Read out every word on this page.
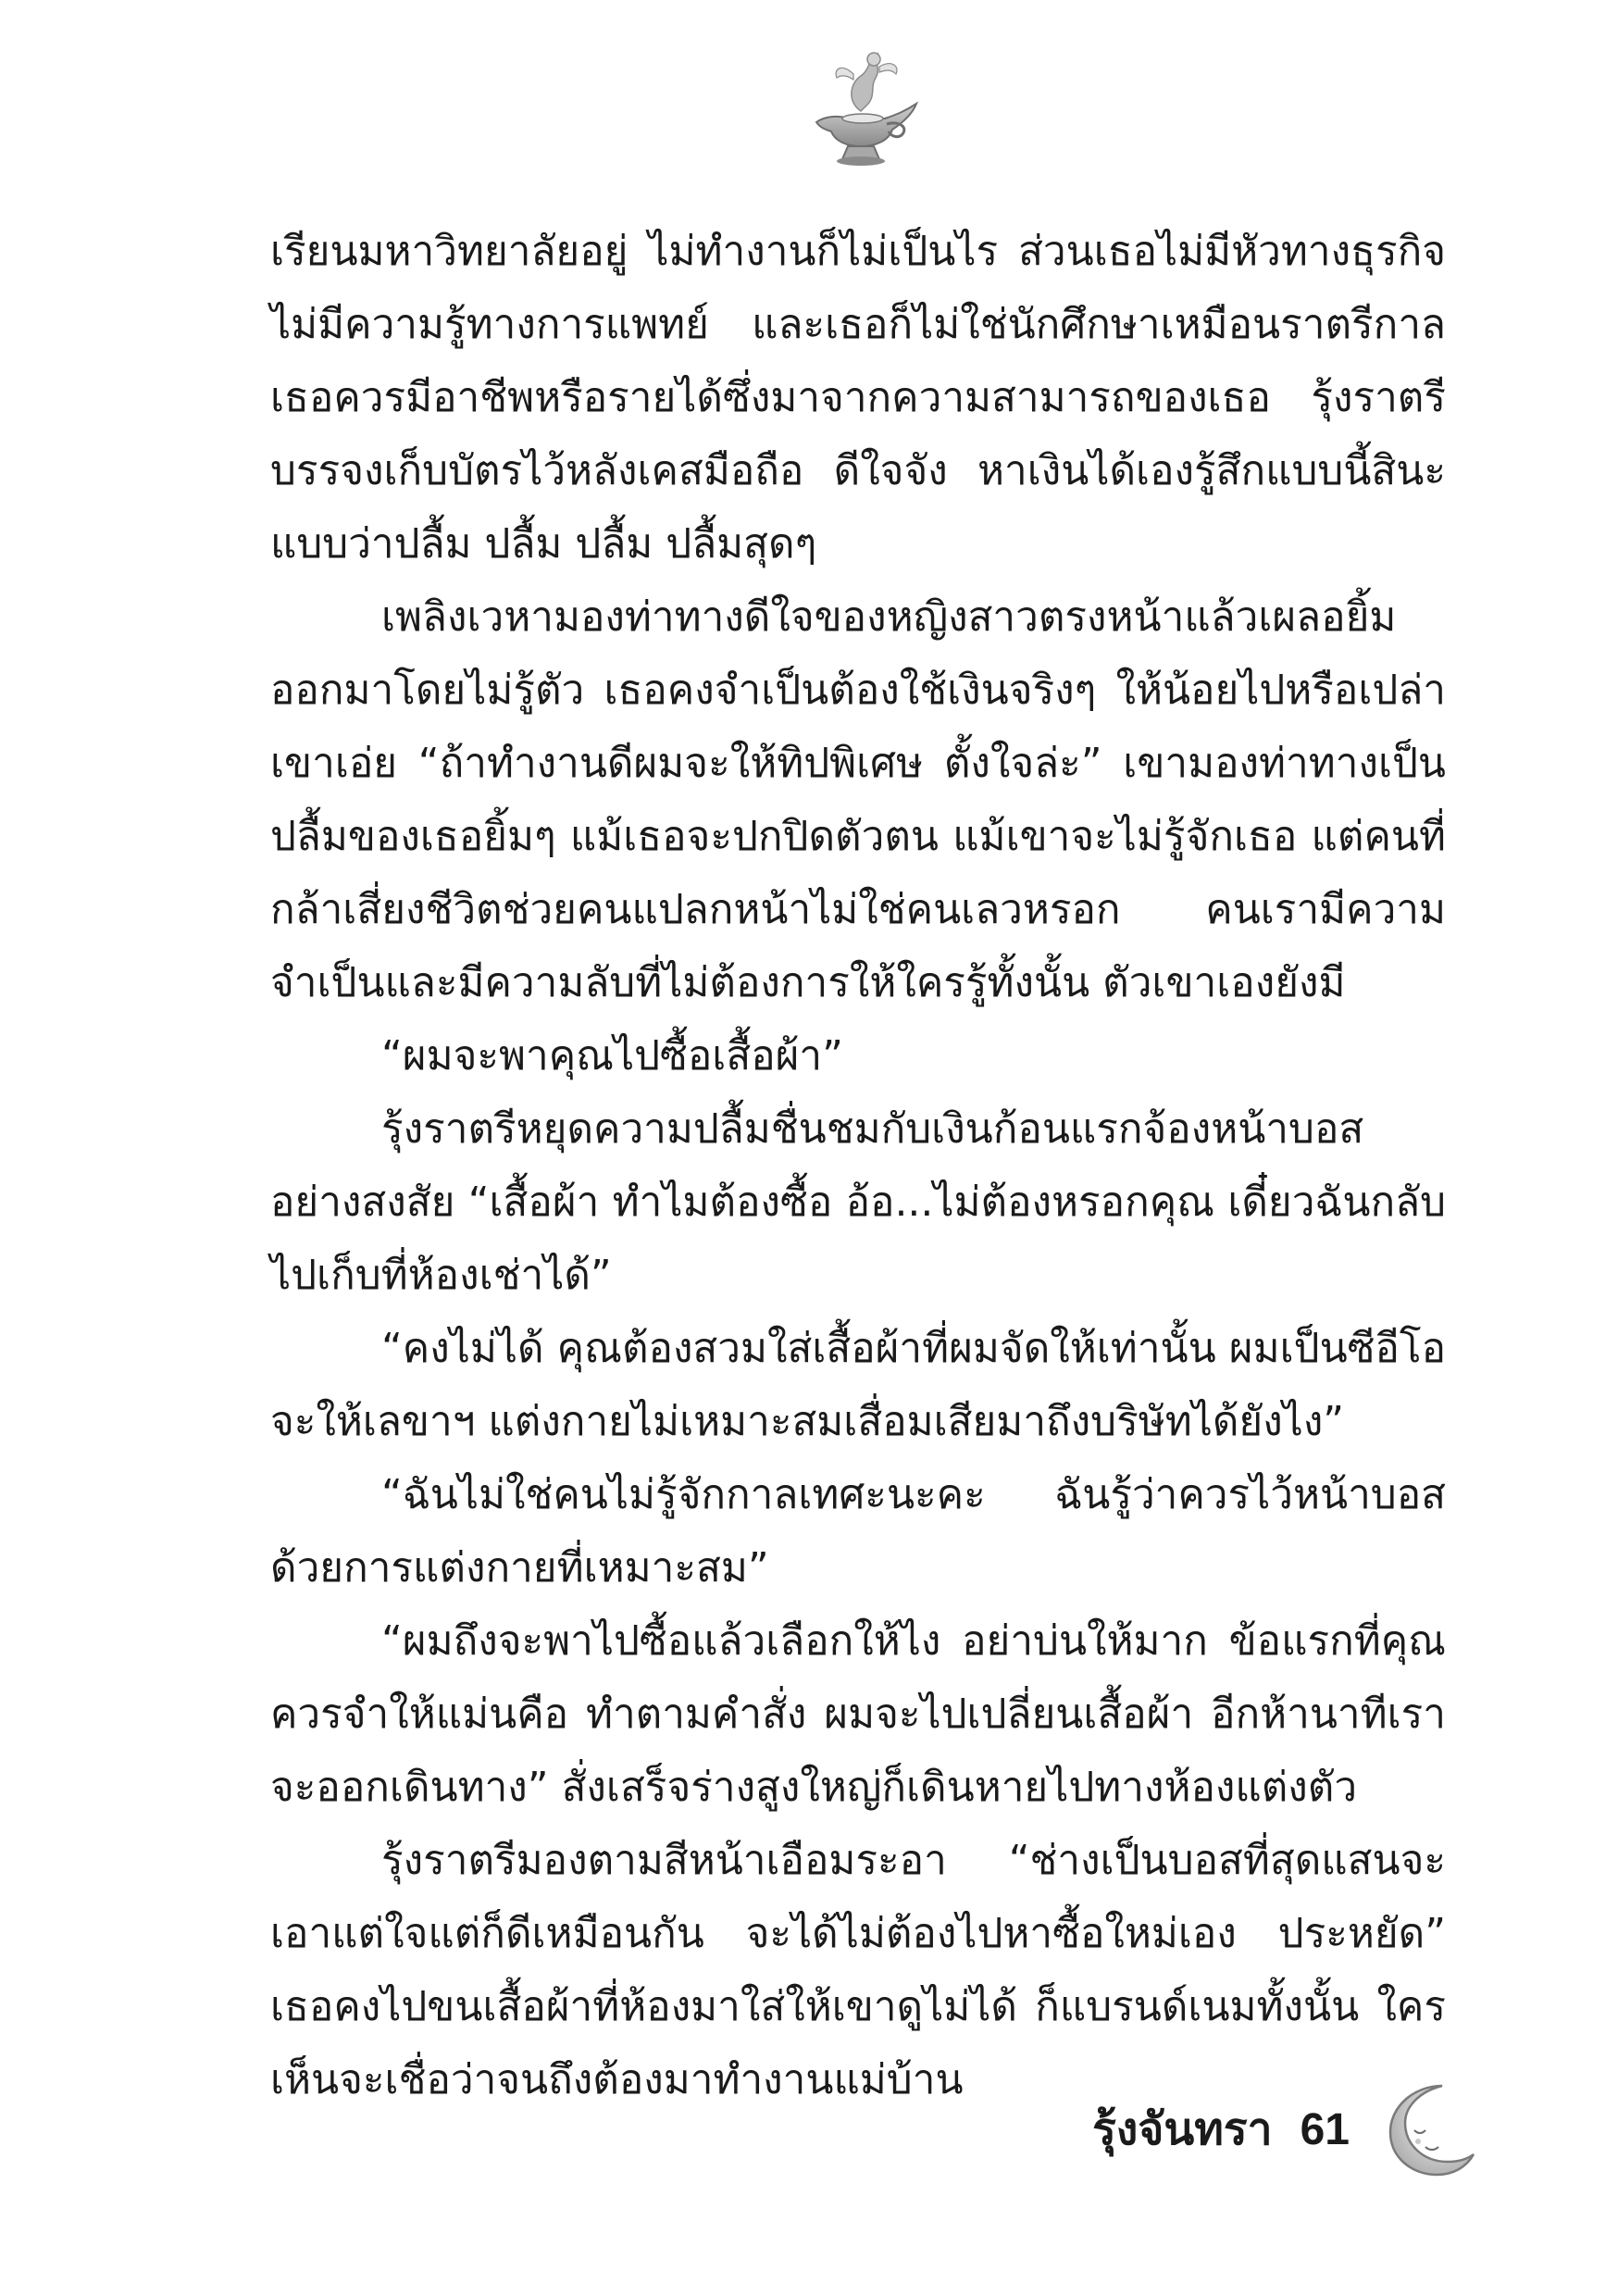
เรียนมหาวิทยาลัยอยู่ ไม่ทำงานก็ไม่เป็นไร ส่วนเธอไม่มีหัวทางธุรกิจ ไม่มีความรู้ทางการแพทย์ และเธอก็ไม่ใช่นักศึกษาเหมือนราตรีกาล เธอควรมีอาชีพหรือรายได้ซึ่งมาจากความสามารถของเธอ รุ้งราตรีบรรจงเก็บบัตรไว้หลังเคสมือถือ ดีใจจัง หาเงินได้เองรู้สึกแบบนี้สินะ แบบว่าปลื้ม ปลื้ม ปลื้ม ปลื้มสุดๆ

เพลิงเวหามองท่าทางดีใจของหญิงสาวตรงหน้าแล้วเผลอยิ้มออกมาโดยไม่รู้ตัว เธอคงจำเป็นต้องใช้เงินจริงๆ ให้น้อยไปหรือเปล่า เขาเอ่ย “ถ้าทำงานดีผมจะให้ทิปพิเศษ ตั้งใจล่ะ” เขามองท่าทางเป็นปลื้มของเธอยิ้มๆ แม้เธอจะปกปิดตัวตน แม้เขาจะไม่รู้จักเธอ แต่คนที่กล้าเสี่ยงชีวิตช่วยคนแปลกหน้าไม่ใช่คนเลวหรอก คนเรามีความจำเป็นและมีความลับที่ไม่ต้องการให้ใครรู้ทั้งนั้น ตัวเขาเองยังมี

“ผมจะพาคุณไปซื้อเสื้อผ้า”

รุ้งราตรีหยุดความปลื้มชื่นชมกับเงินก้อนแรกจ้องหน้าบอสอย่างสงสัย “เสื้อผ้า ทำไมต้องซื้อ อ้อ...ไม่ต้องหรอกคุณ เดี๋ยวฉันกลับไปเก็บที่ห้องเช่าได้”

“คงไม่ได้ คุณต้องสวมใส่เสื้อผ้าที่ผมจัดให้เท่านั้น ผมเป็นซีอีโอจะให้เลขาฯ แต่งกายไม่เหมาะสมเสื่อมเสียมาถึงบริษัทได้ยังไง”

“ฉันไม่ใช่คนไม่รู้จักกาลเทศะนะคะ ฉันรู้ว่าควรไว้หน้าบอสด้วยการแต่งกายที่เหมาะสม”

“ผมถึงจะพาไปซื้อแล้วเลือกให้ไง อย่าบ่นให้มาก ข้อแรกที่คุณควรจำให้แม่นคือ ทำตามคำสั่ง ผมจะไปเปลี่ยนเสื้อผ้า อีกห้านาทีเราจะออกเดินทาง” สั่งเสร็จร่างสูงใหญ่ก็เดินหายไปทางห้องแต่งตัว

รุ้งราตรีมองตามสีหน้าเอือมระอา “ช่างเป็นบอสที่สุดแสนจะเอาแต่ใจแต่ก็ดีเหมือนกัน จะได้ไม่ต้องไปหาซื้อใหม่เอง ประหยัด” เธอคงไปขนเสื้อผ้าที่ห้องมาใส่ให้เขาดูไม่ได้ ก็แบรนด์เนมทั้งนั้น ใครเห็นจะเชื่อว่าจนถึงต้องมาทำงานแม่บ้าน

รุ้งจันทรา 61
